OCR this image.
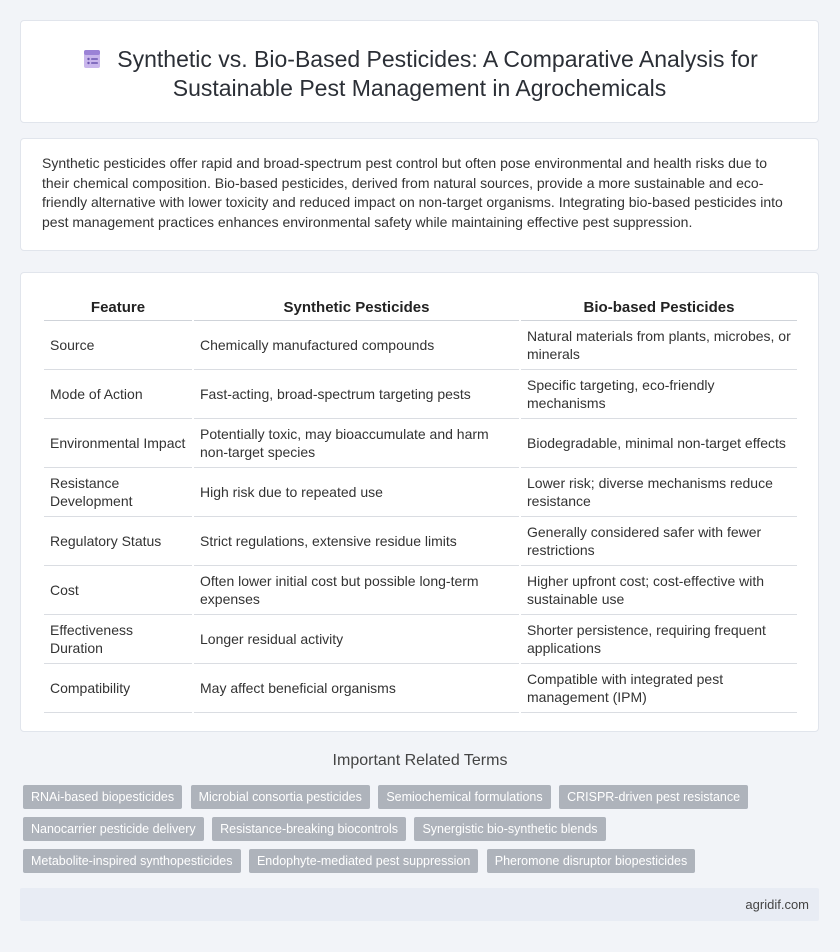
Synthetic vs. Bio-Based Pesticides: A Comparative Analysis for
Sustainable Pest Management in Agrochemicals

Synthetic pesticides offer rapid and broad-spectrum pest control but often pose environmental and health risks due to their chemical composition. Bio-based pesticides, derived from natural sources, provide a more sustainable and eco-friendly alternative with lower toxicity and reduced impact on non-target organisms. Integrating bio-based pesticides into pest management practices enhances environmental safety while maintaining effective pest suppression.

Feature	Synthetic Pesticides	Bio-based Pesticides
Source	Chemically manufactured compounds	Natural materials from plants, microbes, or minerals
Mode of Action	Fast-acting, broad-spectrum targeting pests	Specific targeting, eco-friendly mechanisms
Environmental Impact	Potentially toxic, may bioaccumulate and harm non-target species	Biodegradable, minimal non-target effects
Resistance Development	High risk due to repeated use	Lower risk; diverse mechanisms reduce resistance
Regulatory Status	Strict regulations, extensive residue limits	Generally considered safer with fewer restrictions
Cost	Often lower initial cost but possible long-term expenses	Higher upfront cost; cost-effective with sustainable use
Effectiveness Duration	Longer residual activity	Shorter persistence, requiring frequent applications
Compatibility	May affect beneficial organisms	Compatible with integrated pest management (IPM)
Important Related Terms
RNAi-based biopesticides Microbial consortia pesticides Semiochemical formulations CRISPR-driven pest resistance Nanocarrier pesticide delivery Resistance-breaking biocontrols Synergistic bio-synthetic blends Metabolite-inspired synthopesticides Endophyte-mediated pest suppression Pheromone disruptor biopesticides
agridif.com
